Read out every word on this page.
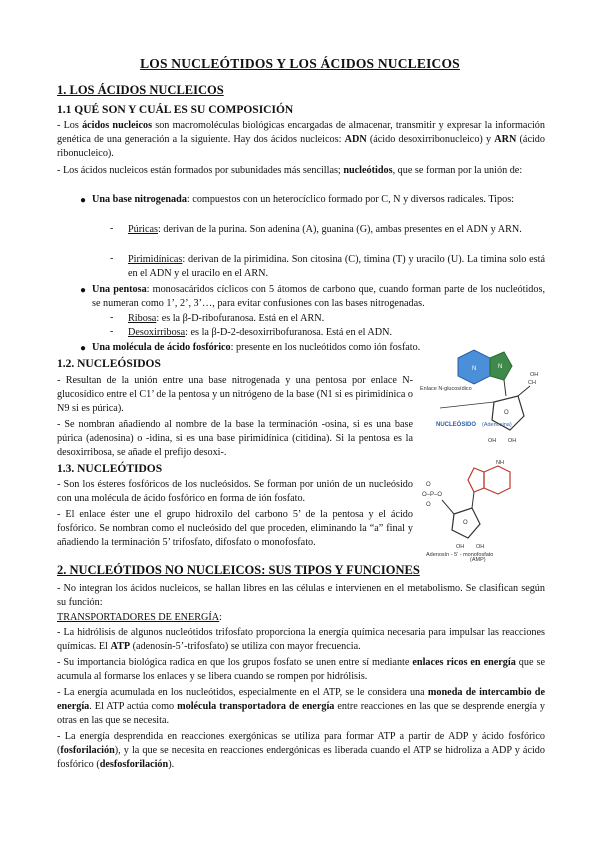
LOS NUCLEÓTIDOS Y LOS ÁCIDOS NUCLEICOS
1. LOS ÁCIDOS NUCLEICOS
1.1 QUÉ SON Y CUÁL ES SU COMPOSICIÓN
- Los ácidos nucleicos son macromoléculas biológicas encargadas de almacenar, transmitir y expresar la información genética de una generación a la siguiente. Hay dos ácidos nucleicos: ADN (ácido desoxirribonucleico) y ARN (ácido ribonucleico).
- Los ácidos nucleicos están formados por subunidades más sencillas; nucleótidos, que se forman por la unión de:
● Una base nitrogenada: compuestos con un heterocíclico formado por C, N y diversos radicales. Tipos:
- Púricas: derivan de la purina. Son adenina (A), guanina (G), ambas presentes en el ADN y ARN.
- Pirimidínicas: derivan de la pirimidina. Son citosina (C), timina (T) y uracilo (U). La timina solo está en el ADN y el uracilo en el ARN.
● Una pentosa: monosacáridos cíclicos con 5 átomos de carbono que, cuando forman parte de los nucleótidos, se numeran como 1’, 2’, 3’…, para evitar confusiones con las bases nitrogenadas.
- Ribosa: es la β-D-ribofuranosa. Está en el ARN.
- Desoxirribosa: es la β-D-2-desoxirribofuranosa. Está en el ADN.
● Una molécula de ácido fosfórico: presente en los nucleótidos como ión fosfato.
1.2. NUCLEÓSIDOS
- Resultan de la unión entre una base nitrogenada y una pentosa por enlace N-glucosídico entre el C1’ de la pentosa y un nitrógeno de la base (N1 si es pirimidínica o N9 si es púrica).
- Se nombran añadiendo al nombre de la base la terminación -osina, si es una base púrica (adenosina) o -idina, si es una base pirimidínica (citidina). Si la pentosa es la desoxirribosa, se añade el prefijo desoxi-.
1.3. NUCLEÓTIDOS
- Son los ésteres fosfóricos de los nucleósidos. Se forman por unión de un nucleósido con una molécula de ácido fosfórico en forma de ión fosfato.
- El enlace éster une el grupo hidroxilo del carbono 5’ de la pentosa y el ácido fosfórico. Se nombran como el nucleósido del que proceden, eliminando la “a” final y añadiendo la terminación 5’ trifosfato, difosfato o monofosfato.
N	N
O
CH
OH
OH OH
Enlace N-glucosídico
NUCLEÓSIDO (Adenosina)
NH
O
O
O–P–O
O
OH OH
Adenosín - 5’ - monofosfato
(AMP)
2. NUCLEÓTIDOS NO NUCLEICOS: SUS TIPOS Y FUNCIONES
- No integran los ácidos nucleicos, se hallan libres en las células e intervienen en el metabolismo. Se clasifican según su función:
TRANSPORTADORES DE ENERGÍA:
- La hidrólisis de algunos nucleótidos trifosfato proporciona la energía química necesaria para impulsar las reacciones químicas. El ATP (adenosín-5’-trifosfato) se utiliza con mayor frecuencia.
- Su importancia biológica radica en que los grupos fosfato se unen entre sí mediante enlaces ricos en energía que se acumula al formarse los enlaces y se libera cuando se rompen por hidrólisis.
- La energía acumulada en los nucleótidos, especialmente en el ATP, se le considera una moneda de intercambio de energía. El ATP actúa como molécula transportadora de energía entre reacciones en las que se desprende energía y otras en las que se necesita.
- La energía desprendida en reacciones exergónicas se utiliza para formar ATP a partir de ADP y ácido fosfórico (fosforilación), y la que se necesita en reacciones endergónicas es liberada cuando el ATP se hidroliza a ADP y ácido fosfórico (desfosforilación).
